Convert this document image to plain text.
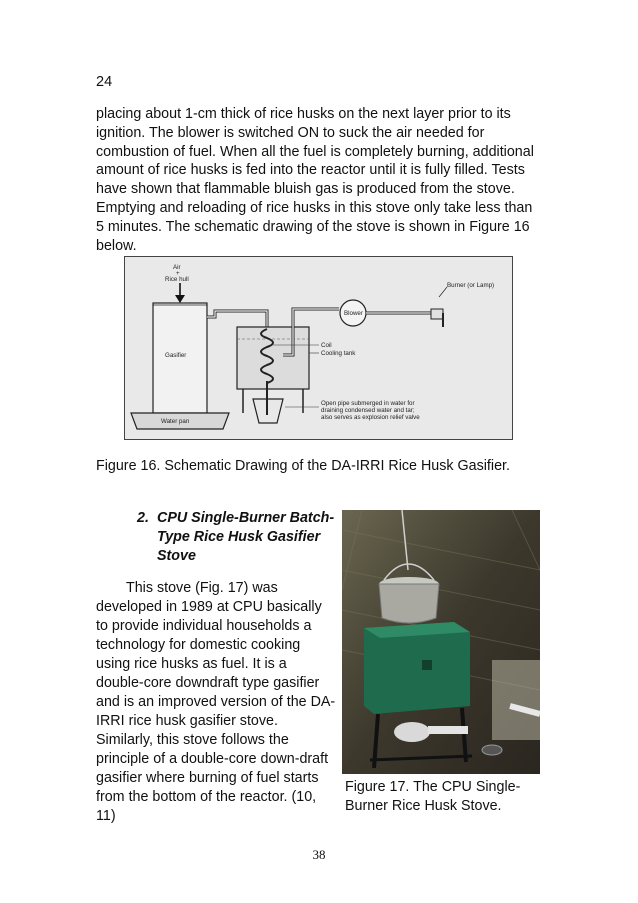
24

placing about 1-cm thick of rice husks on the next layer prior to its ignition. The blower is switched ON to suck the air needed for combustion of fuel. When all the fuel is completely burning, additional amount of rice husks is fed into the reactor until it is fully filled. Tests have shown that flammable bluish gas is produced from the stove. Emptying and reloading of rice husks in this stove only take less than 5 minutes. The schematic drawing of the stove is shown in Figure 16 below.

Air
+
Rice hull
Gasifier
Water pan
Blower
Burner (or Lamp)
Coil
Cooling tank
Open pipe submerged in water for
draining condensed water and tar;
also serves as explosion relief valve
Figure 16. Schematic Drawing of the DA-IRRI Rice Husk Gasifier.
2. CPU Single-Burner Batch-Type Rice Husk Gasifier Stove

This stove (Fig. 17) was developed in 1989 at CPU basically to provide individual households a technology for domestic cooking using rice husks as fuel. It is a double-core downdraft type gasifier and is an improved version of the DA-IRRI rice husk gasifier stove. Similarly, this stove follows the principle of a double-core down-draft gasifier where burning of fuel starts from the bottom of the reactor. (10, 11)

Figure 17. The CPU Single-Burner Rice Husk Stove.
38
